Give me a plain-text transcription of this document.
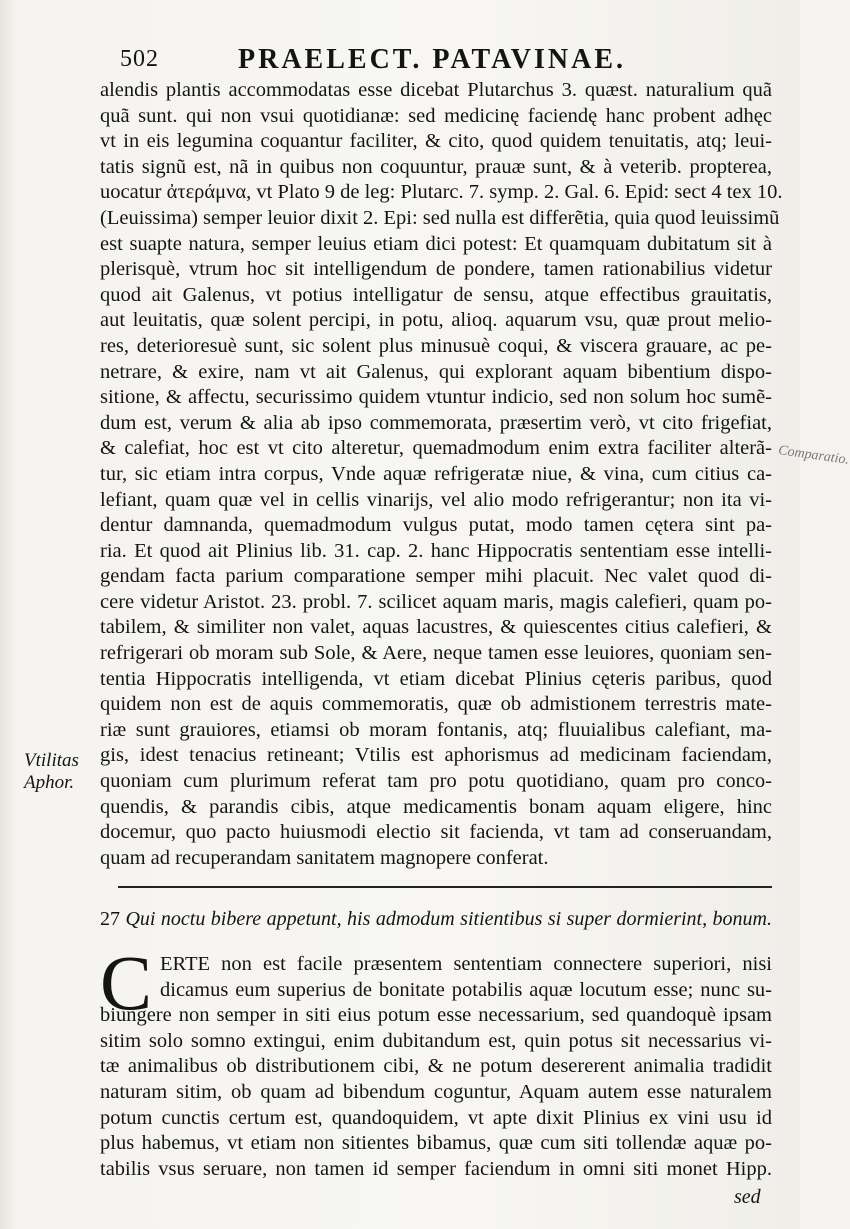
502	PRAELECT. PATAVINAE.
alendis plantis accommodatas esse dicebat Plutarchus 3. quæst. naturalium quã
quã sunt. qui non vsui quotidianæ: sed medicinę faciendę hanc probent adhęc
vt in eis legumina coquantur faciliter, & cito, quod quidem tenuitatis, atq; leui-
tatis signũ est, nã in quibus non coquuntur, prauæ sunt, & à veterib. propterea,
uocatur ἀτεράμνα, vt Plato 9 de leg: Plutarc. 7. symp. 2. Gal. 6. Epid: sect 4 tex 10.
(Leuissima) semper leuior dixit 2. Epi: sed nulla est differẽtia, quia quod leuissimũ
est suapte natura, semper leuius etiam dici potest: Et quamquam dubitatum sit à
plerisquè, vtrum hoc sit intelligendum de pondere, tamen rationabilius videtur
quod ait Galenus, vt potius intelligatur de sensu, atque effectibus grauitatis,
aut leuitatis, quæ solent percipi, in potu, alioq. aquarum vsu, quæ prout melio-
res, deterioresuè sunt, sic solent plus minusuè coqui, & viscera grauare, ac pe-
netrare, & exire, nam vt ait Galenus, qui explorant aquam bibentium dispo-
sitione, & affectu, securissimo quidem vtuntur indicio, sed non solum hoc sumẽ-
dum est, verum & alia ab ipso commemorata, præsertim verò, vt cito frigefiat,
& calefiat, hoc est vt cito alteretur, quemadmodum enim extra faciliter alterã-
tur, sic etiam intra corpus, Vnde aquæ refrigeratæ niue, & vina, cum citius ca-
lefiant, quam quæ vel in cellis vinarijs, vel alio modo refrigerantur; non ita vi-
dentur damnanda, quemadmodum vulgus putat, modo tamen cętera sint pa-
ria. Et quod ait Plinius lib. 31. cap. 2. hanc Hippocratis sententiam esse intelli-
gendam facta parium comparatione semper mihi placuit. Nec valet quod di-
cere videtur Aristot. 23. probl. 7. scilicet aquam maris, magis calefieri, quam po-
tabilem, & similiter non valet, aquas lacustres, & quiescentes citius calefieri, &
refrigerari ob moram sub Sole, & Aere, neque tamen esse leuiores, quoniam sen-
tentia Hippocratis intelligenda, vt etiam dicebat Plinius cęteris paribus, quod
quidem non est de aquis commemoratis, quæ ob admistionem terrestris mate-
riæ sunt grauiores, etiamsi ob moram fontanis, atq; fluuialibus calefiant, ma-
gis, idest tenacius retineant; Vtilis est aphorismus ad medicinam faciendam,
quoniam cum plurimum referat tam pro potu quotidiano, quam pro conco-
quendis, & parandis cibis, atque medicamentis bonam aquam eligere, hinc
docemur, quo pacto huiusmodi electio sit facienda, vt tam ad conseruandam,
quam ad recuperandam sanitatem magnopere conferat.
Vtilitas
Aphor.
Comparatio.
27 Qui noctu bibere appetunt, his admodum sitientibus si super dormierint, bonum.
C ERTE non est facile præsentem sententiam connectere superiori, nisi
dicamus eum superius de bonitate potabilis aquæ locutum esse; nunc su-
biungere non semper in siti eius potum esse necessarium, sed quandoquè ipsam
sitim solo somno extingui, enim dubitandum est, quin potus sit necessarius vi-
tæ animalibus ob distributionem cibi, & ne potum desererent animalia tradidit
naturam sitim, ob quam ad bibendum coguntur, Aquam autem esse naturalem
potum cunctis certum est, quandoquidem, vt apte dixit Plinius ex vini usu id
plus habemus, vt etiam non sitientes bibamus, quæ cum siti tollendæ aquæ po-
tabilis vsus seruare, non tamen id semper faciendum in omni siti monet Hipp.
sed
